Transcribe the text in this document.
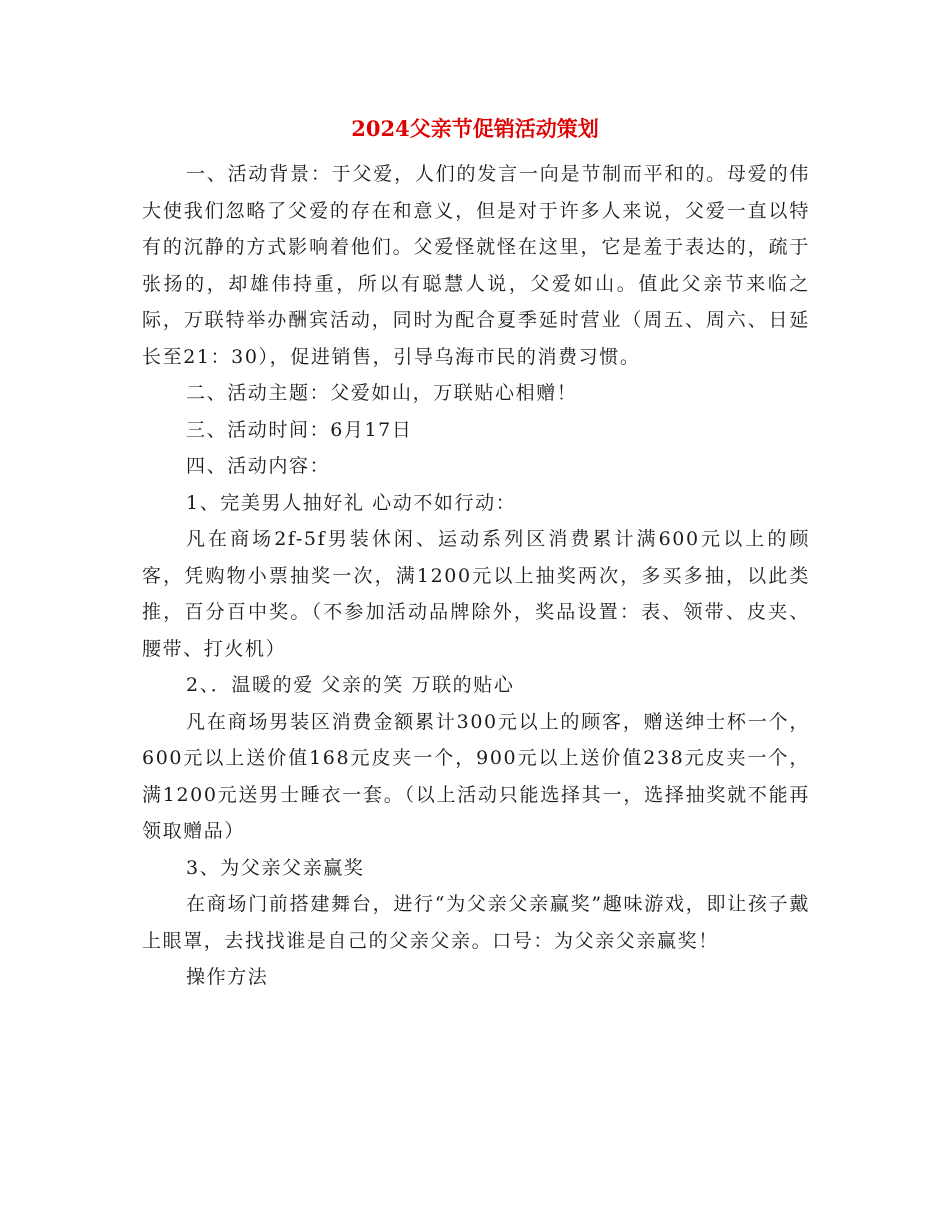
2024父亲节促销活动策划

一、活动背景：于父爱，人们的发言一向是节制而平和的。母爱的伟大使我们忽略了父爱的存在和意义，但是对于许多人来说，父爱一直以特有的沉静的方式影响着他们。父爱怪就怪在这里，它是羞于表达的，疏于张扬的，却雄伟持重，所以有聪慧人说，父爱如山。值此父亲节来临之际，万联特举办酬宾活动，同时为配合夏季延时营业（周五、周六、日延长至21：30），促进销售，引导乌海市民的消费习惯。

二、活动主题：父爱如山，万联贴心相赠！

三、活动时间：6月17日

四、活动内容：

1、完美男人抽好礼 心动不如行动：

凡在商场2f-5f男装休闲、运动系列区消费累计满600元以上的顾客，凭购物小票抽奖一次，满1200元以上抽奖两次，多买多抽，以此类推，百分百中奖。（不参加活动品牌除外，奖品设置：表、领带、皮夹、腰带、打火机）

2、．温暖的爱 父亲的笑 万联的贴心

凡在商场男装区消费金额累计300元以上的顾客，赠送绅士杯一个，600元以上送价值168元皮夹一个，900元以上送价值238元皮夹一个，满1200元送男士睡衣一套。（以上活动只能选择其一，选择抽奖就不能再领取赠品）

3、为父亲父亲赢奖

在商场门前搭建舞台，进行“为父亲父亲赢奖”趣味游戏，即让孩子戴上眼罩，去找找谁是自己的父亲父亲。口号：为父亲父亲赢奖！

操作方法
